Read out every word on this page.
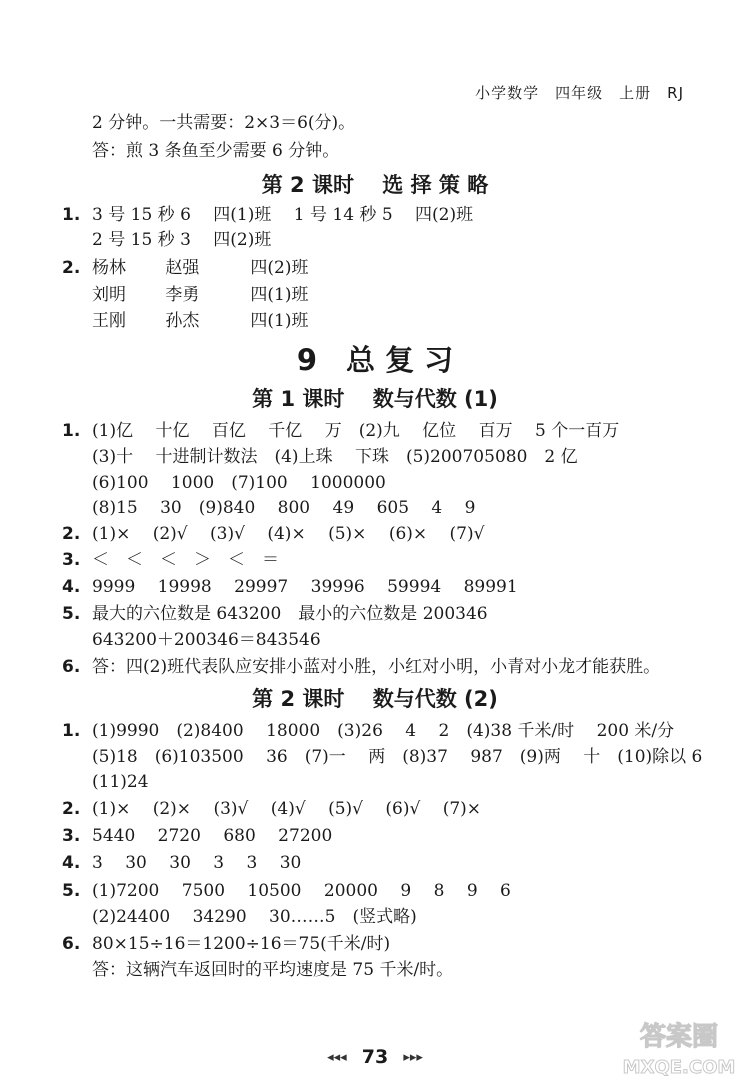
小学数学　四年级　上册　RJ
2 分钟。一共需要：2×3＝6(分)。
答：煎 3 条鱼至少需要 6 分钟。
第 2 课时　 选 择 策 略
1. 3 号 15 秒 6　 四(1)班　 1 号 14 秒 5　 四(2)班
2 号 15 秒 3　 四(2)班
2. 杨林　　 赵强　　　四(2)班
刘明　　 李勇　　　四(1)班
王刚　　 孙杰　　　四(1)班
9　总 复 习
第 1 课时　 数与代数 (1)
1. (1)亿　 十亿　 百亿　 千亿　 万　(2)九　 亿位　 百万　 5 个一百万
(3)十　 十进制计数法　(4)上珠　 下珠　(5)200705080　2 亿
(6)100　 1000　(7)100　 1000000
(8)15　 30　(9)840　 800　 49　 605　 4　 9
2. (1)×　 (2)√　 (3)√　 (4)×　 (5)×　 (6)×　 (7)√
3. ＜　＜　＜　＞　＜　＝
4. 9999　 19998　 29997　 39996　 59994　 89991
5. 最大的六位数是 643200　最小的六位数是 200346
643200＋200346＝843546
6. 答：四(2)班代表队应安排小蓝对小胜，小红对小明，小青对小龙才能获胜。
第 2 课时　 数与代数 (2)
1. (1)9990　(2)8400　 18000　(3)26　 4　 2　(4)38 千米/时　 200 米/分
(5)18　(6)103500　 36　(7)一　 两　(8)37　 987　(9)两　 十　(10)除以 6
(11)24
2. (1)×　 (2)×　 (3)√　 (4)√　 (5)√　 (6)√　 (7)×
3. 5440　 2720　 680　 27200
4. 3　 30　 30　 3　 3　 30
5. (1)7200　 7500　 10500　 20000　 9　 8　 9　 6
(2)24400　 34290　 30……5　(竖式略)
6. 80×15÷16＝1200÷16＝75(千米/时)
答：这辆汽车返回时的平均速度是 75 千米/时。
◂◂◂ 73 ▸▸▸
答案圈
MXQE.COM
